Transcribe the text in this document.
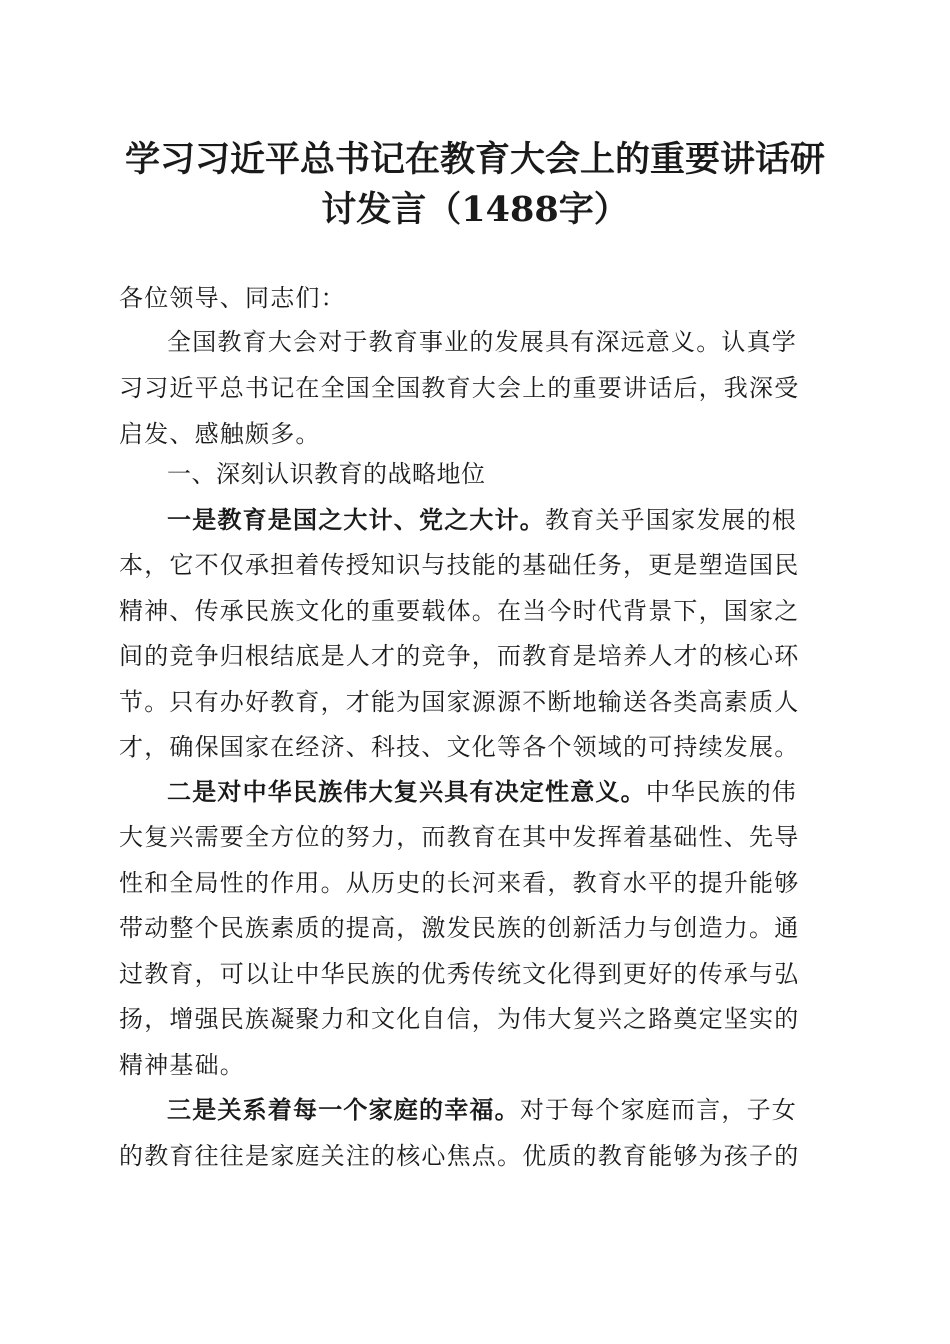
学习习近平总书记在教育大会上的重要讲话研
讨发言（1488字）
各位领导、同志们：
全国教育大会对于教育事业的发展具有深远意义。认真学
习习近平总书记在全国全国教育大会上的重要讲话后，我深受
启发、感触颇多。
一、深刻认识教育的战略地位
一是教育是国之大计、党之大计。教育关乎国家发展的根
本，它不仅承担着传授知识与技能的基础任务，更是塑造国民
精神、传承民族文化的重要载体。在当今时代背景下，国家之
间的竞争归根结底是人才的竞争，而教育是培养人才的核心环
节。只有办好教育，才能为国家源源不断地输送各类高素质人
才，确保国家在经济、科技、文化等各个领域的可持续发展。
二是对中华民族伟大复兴具有决定性意义。中华民族的伟
大复兴需要全方位的努力，而教育在其中发挥着基础性、先导
性和全局性的作用。从历史的长河来看，教育水平的提升能够
带动整个民族素质的提高，激发民族的创新活力与创造力。通
过教育，可以让中华民族的优秀传统文化得到更好的传承与弘
扬，增强民族凝聚力和文化自信，为伟大复兴之路奠定坚实的
精神基础。
三是关系着每一个家庭的幸福。对于每个家庭而言，子女
的教育往往是家庭关注的核心焦点。优质的教育能够为孩子的
